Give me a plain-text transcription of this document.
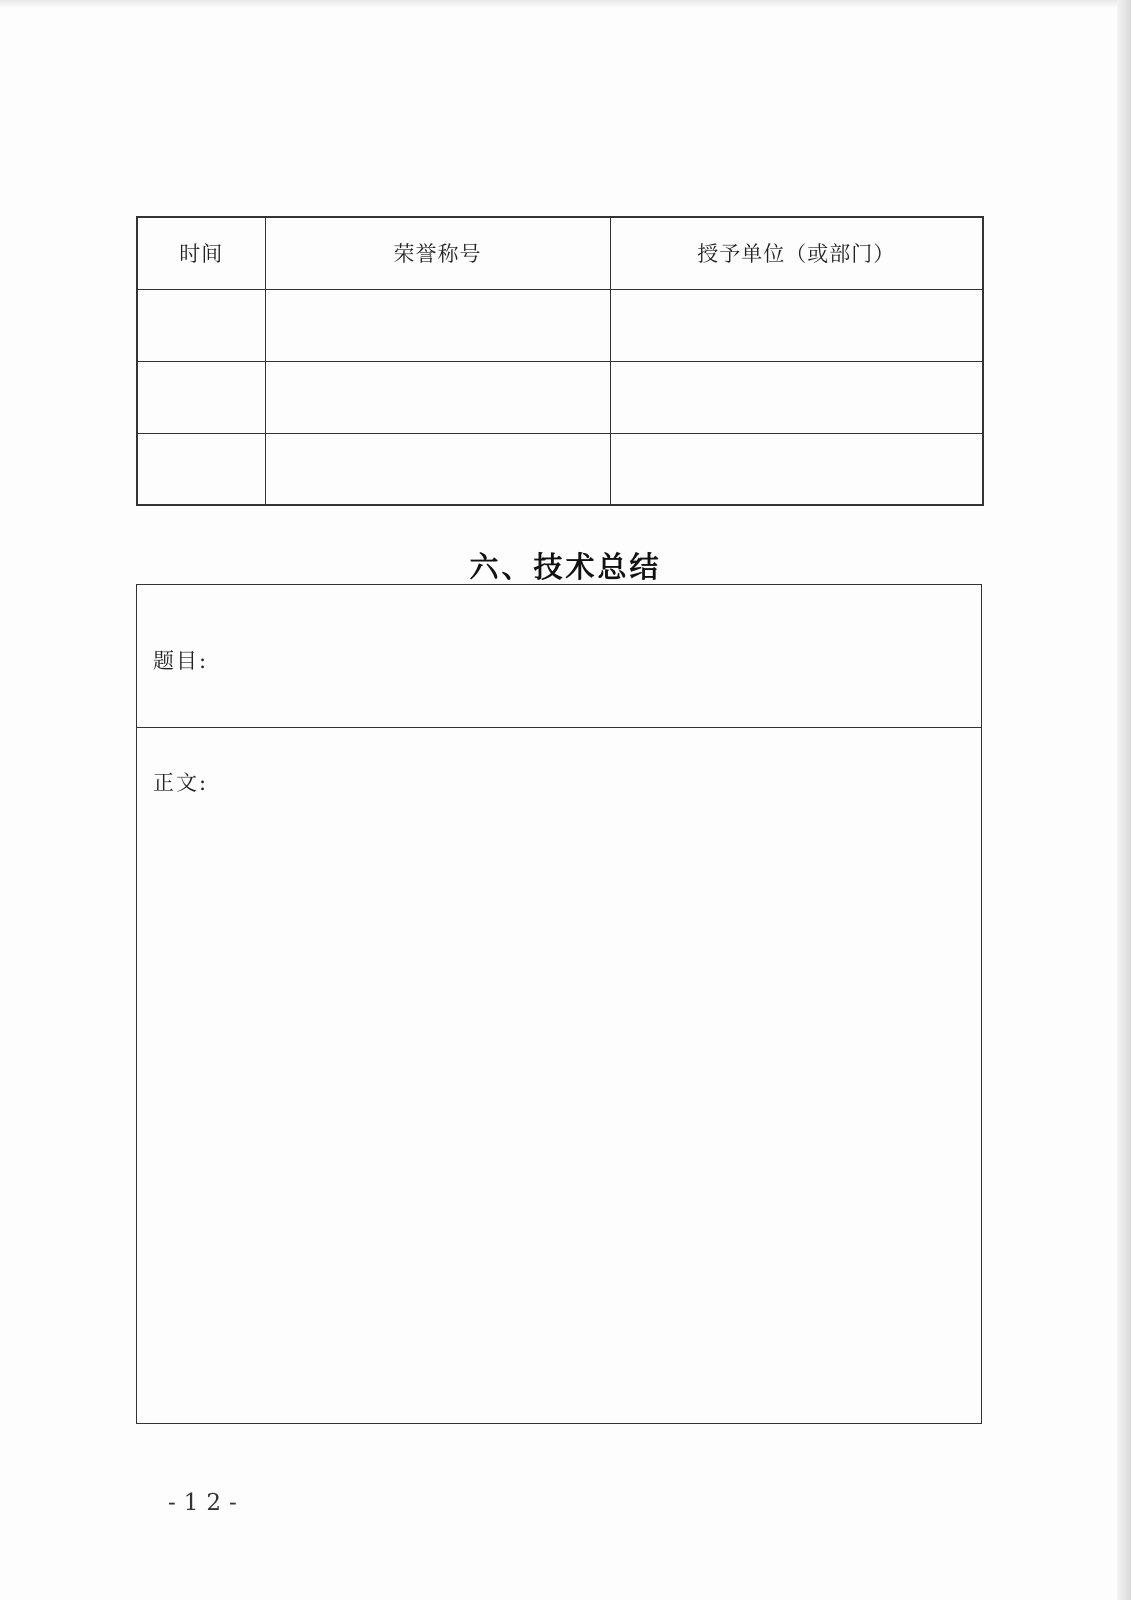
时间	荣誉称号	授予单位（或部门）

六、技术总结
题目:
正文:
-12-
